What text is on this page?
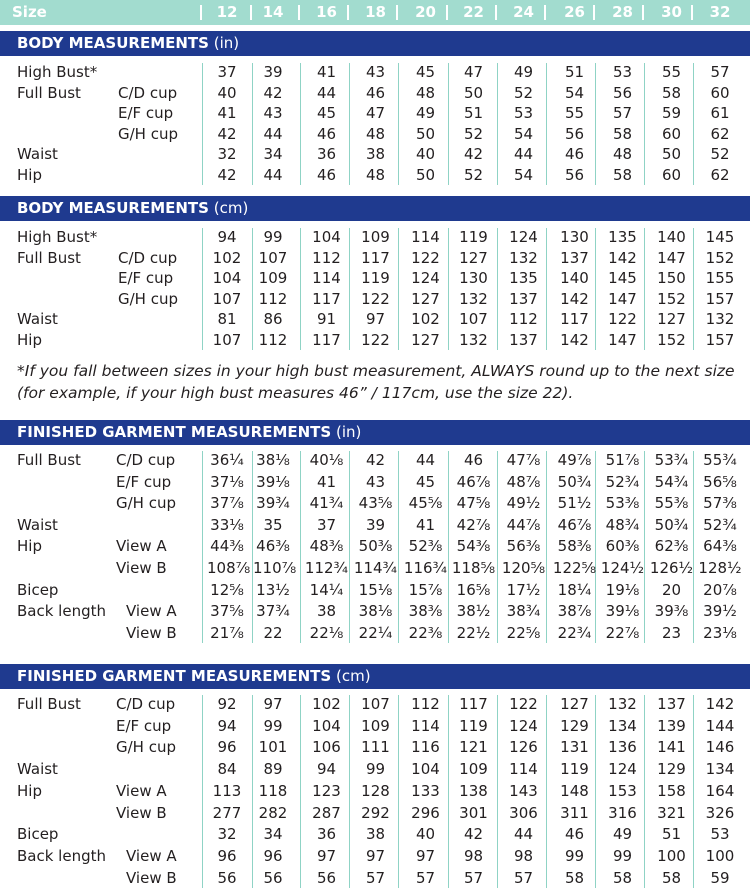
Size	12	14	16	18	20	22	24	26	28	30	32
BODY MEASUREMENTS (in)
High Bust*	37	39	41	43	45	47	49	51	53	55	57
Full Bust C/D cup	40	42	44	46	48	50	52	54	56	58	60
E/F cup	41	43	45	47	49	51	53	55	57	59	61
G/H cup	42	44	46	48	50	52	54	56	58	60	62
Waist	32	34	36	38	40	42	44	46	48	50	52
Hip	42	44	46	48	50	52	54	56	58	60	62
BODY MEASUREMENTS (cm)
High Bust*	94	99	104	109	114	119	124	130	135	140	145
Full Bust C/D cup	102	107	112	117	122	127	132	137	142	147	152
E/F cup	104	109	114	119	124	130	135	140	145	150	155
G/H cup	107	112	117	122	127	132	137	142	147	152	157
Waist	81	86	91	97	102	107	112	117	122	127	132
Hip	107	112	117	122	127	132	137	142	147	152	157
FINISHED GARMENT MEASUREMENTS (in)
Full Bust C/D cup 36¼ 38⅛	40⅛	42	44	46	47⅞	49⅞ 51⅞	53¾ 55¾
E/F cup	37⅛ 39⅛	41	43	45	46⅞	48⅞	50¾ 52¾	54¾ 56⅝
G/H cup 37⅞ 39¾	41¾	43⅝	45⅝ 47⅝	49½	51½ 53⅜	55⅜ 57⅜
Waist	33⅛	35	37	39	41	42⅞	44⅞	46⅞ 48¾	50¾ 52¾
Hip	View A	44⅜ 46⅜	48⅜	50⅜	52⅜ 54⅜	56⅜	58⅜ 60⅜	62⅜ 64⅜
View B	108⅞ 110⅞ 112¾ 114¾ 116¾ 118⅝ 120⅝ 122⅝ 124½ 126½ 128½
Bicep	12⅝ 13½	14¼	15⅛	15⅞ 16⅝	17½	18¼ 19⅛	20	20⅞
Back length View A 37⅝ 37¾	38	38⅛	38⅜ 38½	38¾	38⅞ 39⅛	39⅜ 39½
View B 21⅞	22	22⅛	22¼	22⅜ 22½	22⅝	22¾ 22⅞	23	23⅛
FINISHED GARMENT MEASUREMENTS (cm)
Full Bust C/D cup	92	97	102	107	112	117	122	127	132	137	142
E/F cup	94	99	104	109	114	119	124	129	134	139	144
G/H cup	96	101	106	111	116	121	126	131	136	141	146
Waist	84	89	94	99	104	109	114	119	124	129	134
Hip	View A	113	118	123	128	133	138	143	148	153	158	164
View B	277	282	287	292	296	301	306	311	316	321	326
Bicep	32	34	36	38	40	42	44	46	49	51	53
Back length View A	96	96	97	97	97	98	98	99	99	100	100
View B	56	56	56	57	57	57	57	58	58	58	59
*If you fall between sizes in your high bust measurement, ALWAYS round up to the next size (for example, if your high bust measures 46” / 117cm, use the size 22).
